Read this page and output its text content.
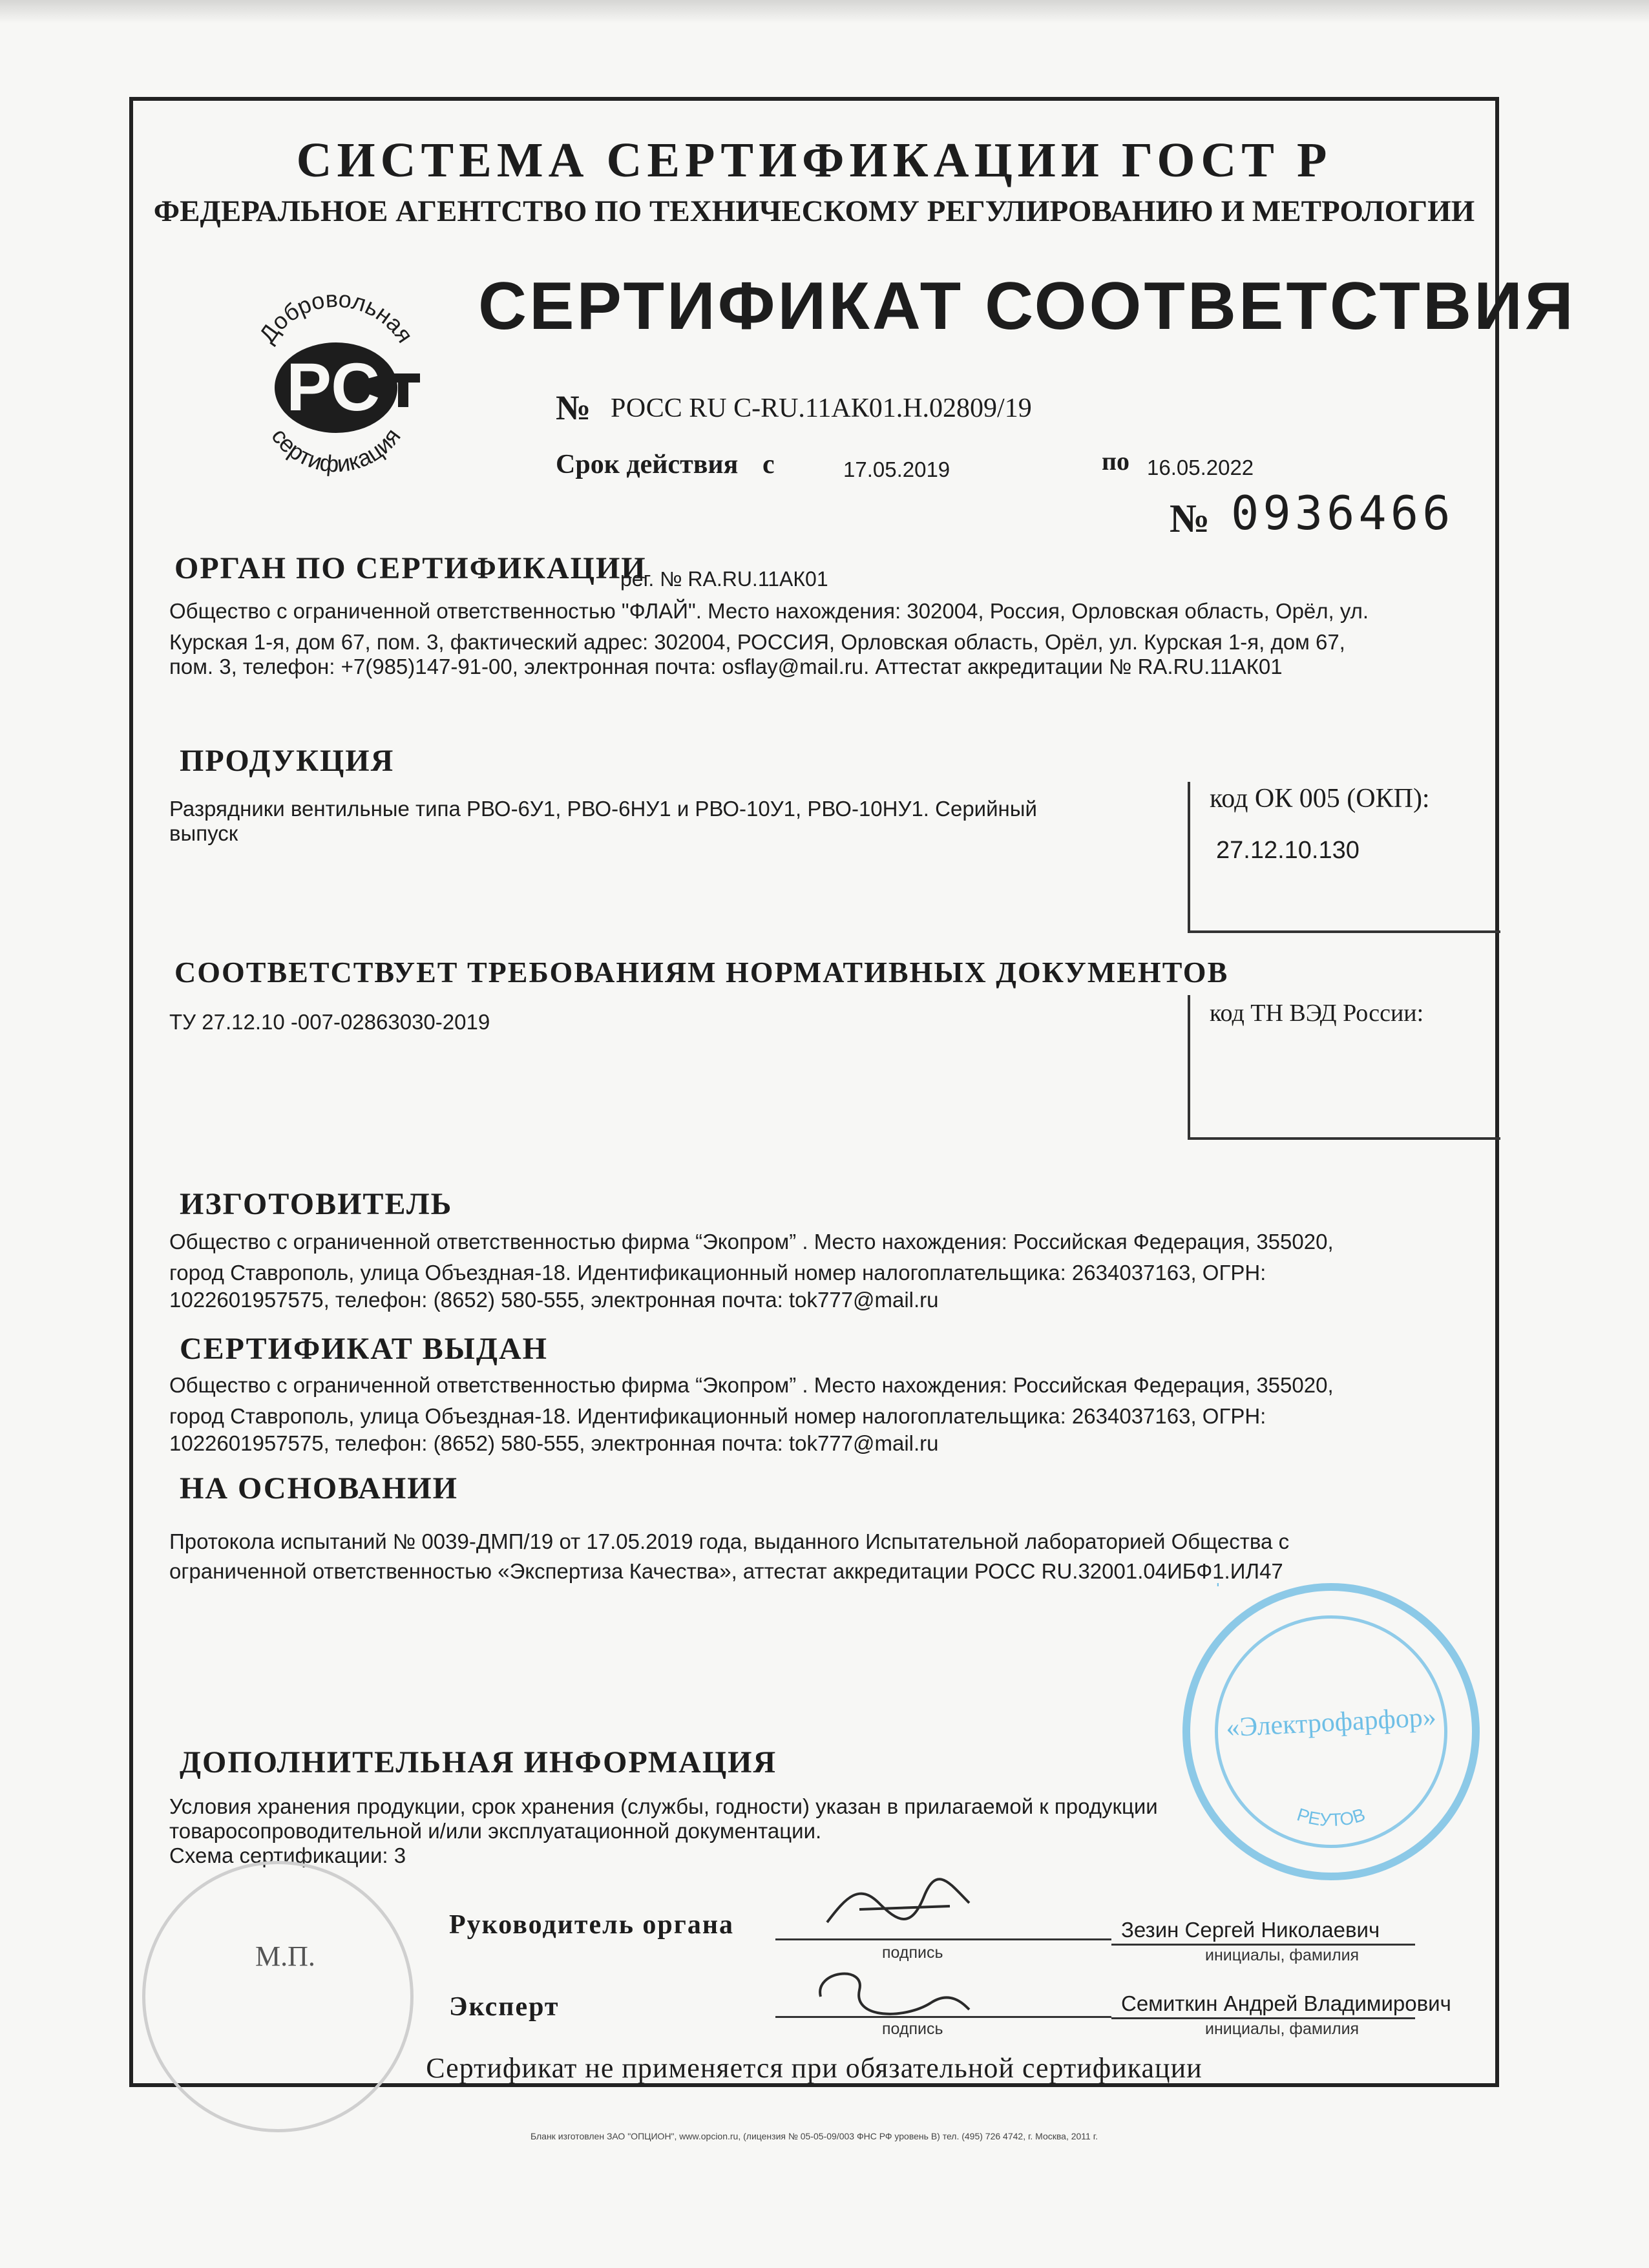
СИСТЕМА СЕРТИФИКАЦИИ ГОСТ Р
ФЕДЕРАЛЬНОЕ АГЕНТСТВО ПО ТЕХНИЧЕСКОМУ РЕГУЛИРОВАНИЮ И МЕТРОЛОГИИ
Добровольная
Р С
сертификация
СЕРТИФИКАТ СООТВЕТСТВИЯ
№ РОСС RU C-RU.11АК01.Н.02809/19
Срок действия с	17.05.2019	по 16.05.2022
№ 0936466
ОРГАН ПО СЕРТИФИКАЦИИ
рег. № RA.RU.11АК01
Общество с ограниченной ответственностью "ФЛАЙ". Место нахождения: 302004, Россия, Орловская область, Орёл, ул.
Курская 1-я, дом 67, пом. 3, фактический адрес: 302004, РОССИЯ, Орловская область, Орёл, ул. Курская 1-я, дом 67,
пом. 3, телефон: +7(985)147-91-00, электронная почта: osflay@mail.ru. Аттестат аккредитации № RA.RU.11АК01
ПРОДУКЦИЯ
Разрядники вентильные типа РВО-6У1, РВО-6НУ1 и РВО-10У1, РВО-10НУ1. Серийный
выпуск
код ОК 005 (ОКП):
27.12.10.130
СООТВЕТСТВУЕТ ТРЕБОВАНИЯМ НОРМАТИВНЫХ ДОКУМЕНТОВ
ТУ 27.12.10 -007-02863030-2019	код ТН ВЭД России:
ИЗГОТОВИТЕЛЬ
Общество с ограниченной ответственностью фирма “Экопром” . Место нахождения: Российская Федерация, 355020,
город Ставрополь, улица Объездная-18. Идентификационный номер налогоплательщика: 2634037163, ОГРН:
1022601957575, телефон: (8652) 580-555, электронная почта: tok777@mail.ru
СЕРТИФИКАТ ВЫДАН
Общество с ограниченной ответственностью фирма “Экопром” . Место нахождения: Российская Федерация, 355020,
город Ставрополь, улица Объездная-18. Идентификационный номер налогоплательщика: 2634037163, ОГРН:
1022601957575, телефон: (8652) 580-555, электронная почта: tok777@mail.ru
НА ОСНОВАНИИ
Протокола испытаний № 0039-ДМП/19 от 17.05.2019 года, выданного Испытательной лабораторией Общества с
ограниченной ответственностью «Экспертиза Качества», аттестат аккредитации РОСС RU.32001.04ИБФ1.ИЛ47
РЕУТОВ
«Электрофарфор»
ДОПОЛНИТЕЛЬНАЯ ИНФОРМАЦИЯ
Условия хранения продукции, срок хранения (службы, годности) указан в прилагаемой к продукции
товаросопроводительной и/или эксплуатационной документации.
Схема сертификации: 3
М.П.
Руководитель органа
подпись
Зезин Сергей Николаевич
инициалы, фамилия
Эксперт
подпись
Семиткин Андрей Владимирович
инициалы, фамилия
Сертификат не применяется при обязательной сертификации
Бланк изготовлен ЗАО "ОПЦИОН", www.opcion.ru, (лицензия № 05-05-09/003 ФНС РФ уровень В) тел. (495) 726 4742, г. Москва, 2011 г.
